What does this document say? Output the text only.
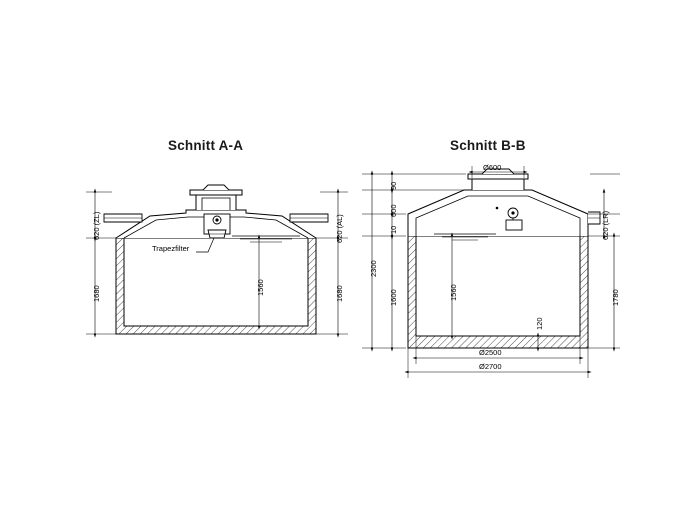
Schnitt A-A	Schnitt B-B
620 (ZL)
1680	1560
620 (AL)
1680
Trapezfilter
Ø600
90
600
10
1600
2300
1560
120
620 (LR)
1780
Ø2500
Ø2700
